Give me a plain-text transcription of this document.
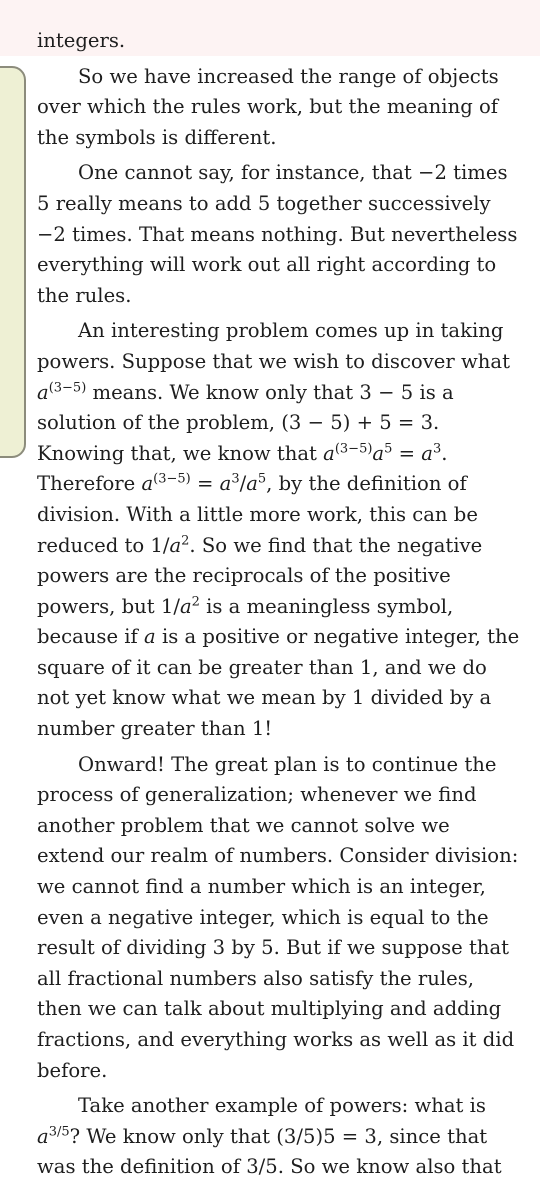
integers.

So we have increased the range of objects over which the rules work, but the meaning of the symbols is different.

One cannot say, for instance, that −2 times 5 really means to add 5 together successively −2 times. That means nothing. But nevertheless everything will work out all right according to the rules.

An interesting problem comes up in taking powers. Suppose that we wish to discover what $a^{(3-5)}$ means. We know only that 3 − 5 is a solution of the problem, (3 − 5) + 5 = 3. Knowing that, we know that $a^{(3-5)}a^5 = a^3$. Therefore $a^{(3-5)} = a^3/a^5$, by the definition of division. With a little more work, this can be reduced to $1/a^2$. So we find that the negative powers are the reciprocals of the positive powers, but $1/a^2$ is a meaningless symbol, because if a is a positive or negative integer, the square of it can be greater than 1, and we do not yet know what we mean by 1 divided by a number greater than 1!

Onward! The great plan is to continue the process of generalization; whenever we find another problem that we cannot solve we extend our realm of numbers. Consider division: we cannot find a number which is an integer, even a negative integer, which is equal to the result of dividing 3 by 5. But if we suppose that all fractional numbers also satisfy the rules, then we can talk about multiplying and adding fractions, and everything works as well as it did before.

Take another example of powers: what is $a^{3/5}$? We know only that (3/5)5 = 3, since that was the definition of 3/5. So we know also that
